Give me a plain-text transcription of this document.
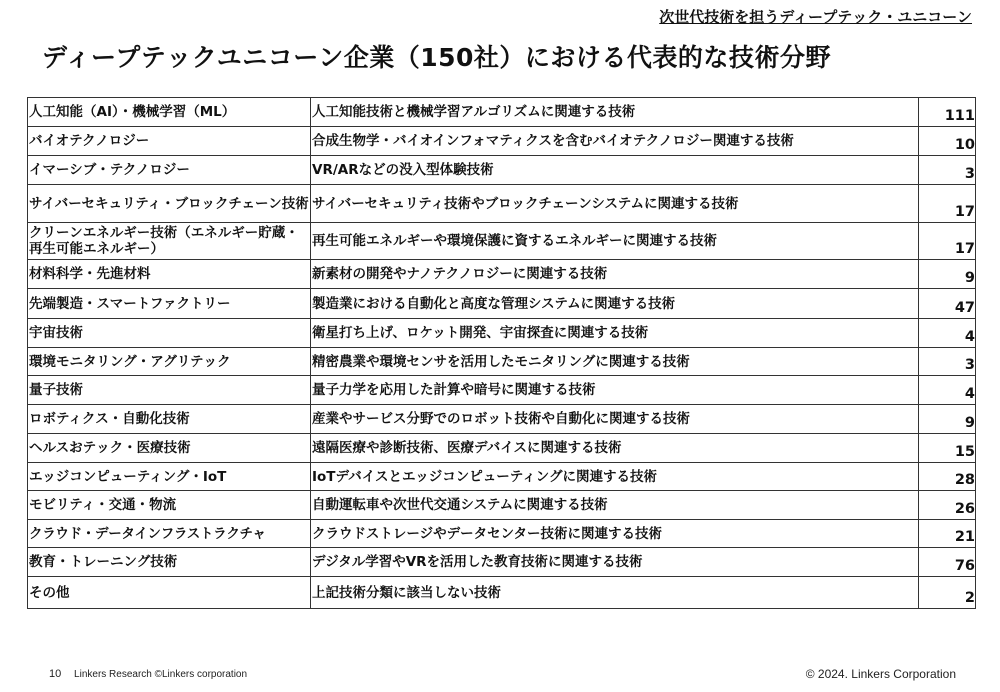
次世代技術を担うディープテック・ユニコーン
ディープテックユニコーン企業（150社）における代表的な技術分野
人工知能（AI）・機械学習（ML）	人工知能技術と機械学習アルゴリズムに関連する技術	111
バイオテクノロジー	合成生物学・バイオインフォマティクスを含むバイオテクノロジー関連する技術	10
イマーシブ・テクノロジー	VR/ARなどの没入型体験技術	3
サイバーセキュリティ・ブロックチェーン技術	サイバーセキュリティ技術やブロックチェーンシステムに関連する技術	17
クリーンエネルギー技術（エネルギー貯蔵・再生可能エネルギー）	再生可能エネルギーや環境保護に資するエネルギーに関連する技術	17
材料科学・先進材料	新素材の開発やナノテクノロジーに関連する技術	9
先端製造・スマートファクトリー	製造業における自動化と高度な管理システムに関連する技術	47
宇宙技術	衛星打ち上げ、ロケット開発、宇宙探査に関連する技術	4
環境モニタリング・アグリテック	精密農業や環境センサを活用したモニタリングに関連する技術	3
量子技術	量子力学を応用した計算や暗号に関連する技術	4
ロボティクス・自動化技術	産業やサービス分野でのロボット技術や自動化に関連する技術	9
ヘルスおテック・医療技術	遠隔医療や診断技術、医療デバイスに関連する技術	15
エッジコンピューティング・IoT	IoTデバイスとエッジコンピューティングに関連する技術	28
モビリティ・交通・物流	自動運転車や次世代交通システムに関連する技術	26
クラウド・データインフラストラクチャ	クラウドストレージやデータセンター技術に関連する技術	21
教育・トレーニング技術	デジタル学習やVRを活用した教育技術に関連する技術	76
その他	上記技術分類に該当しない技術	2
10 Linkers Research ©Linkers corporation	© 2024. Linkers Corporation
